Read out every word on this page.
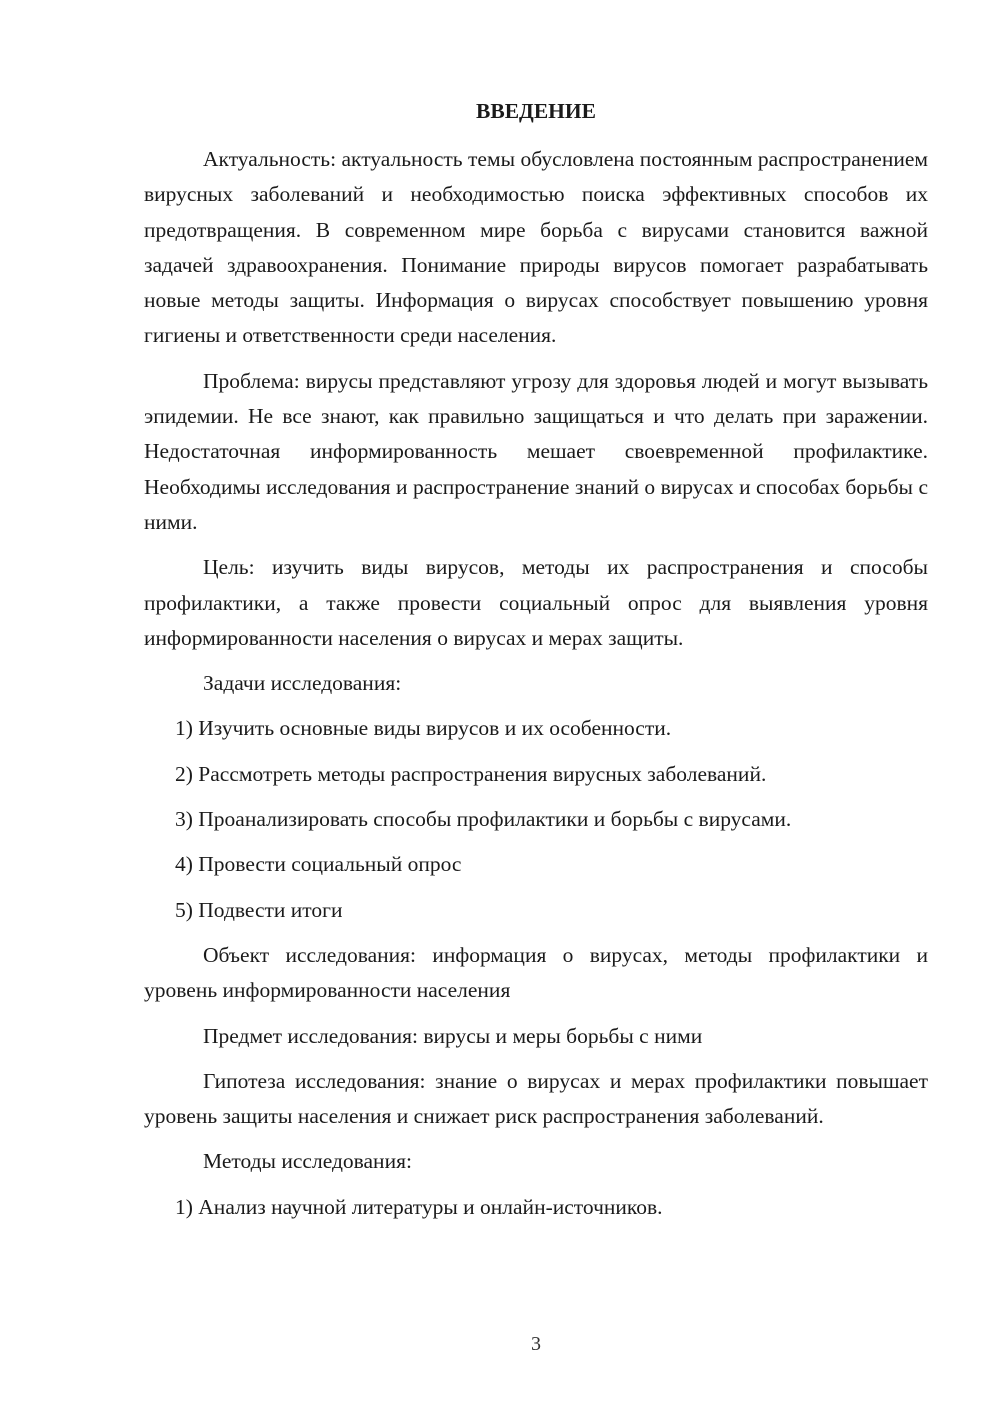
ВВЕДЕНИЕ

Актуальность: актуальность темы обусловлена постоянным распространением вирусных заболеваний и необходимостью поиска эффективных способов их предотвращения. В современном мире борьба с вирусами становится важной задачей здравоохранения. Понимание природы вирусов помогает разрабатывать новые методы защиты. Информация о вирусах способствует повышению уровня гигиены и ответственности среди населения.

Проблема: вирусы представляют угрозу для здоровья людей и могут вызывать эпидемии. Не все знают, как правильно защищаться и что делать при заражении. Недостаточная информированность мешает своевременной профилактике. Необходимы исследования и распространение знаний о вирусах и способах борьбы с ними.

Цель: изучить виды вирусов, методы их распространения и способы профилактики, а также провести социальный опрос для выявления уровня информированности населения о вирусах и мерах защиты.

Задачи исследования:

1) Изучить основные виды вирусов и их особенности.

2) Рассмотреть методы распространения вирусных заболеваний.

3) Проанализировать способы профилактики и борьбы с вирусами.

4) Провести социальный опрос

5) Подвести итоги

Объект исследования: информация о вирусах, методы профилактики и уровень информированности населения

Предмет исследования: вирусы и меры борьбы с ними

Гипотеза исследования: знание о вирусах и мерах профилактики повышает уровень защиты населения и снижает риск распространения заболеваний.

Методы исследования:

1) Анализ научной литературы и онлайн-источников.

3
